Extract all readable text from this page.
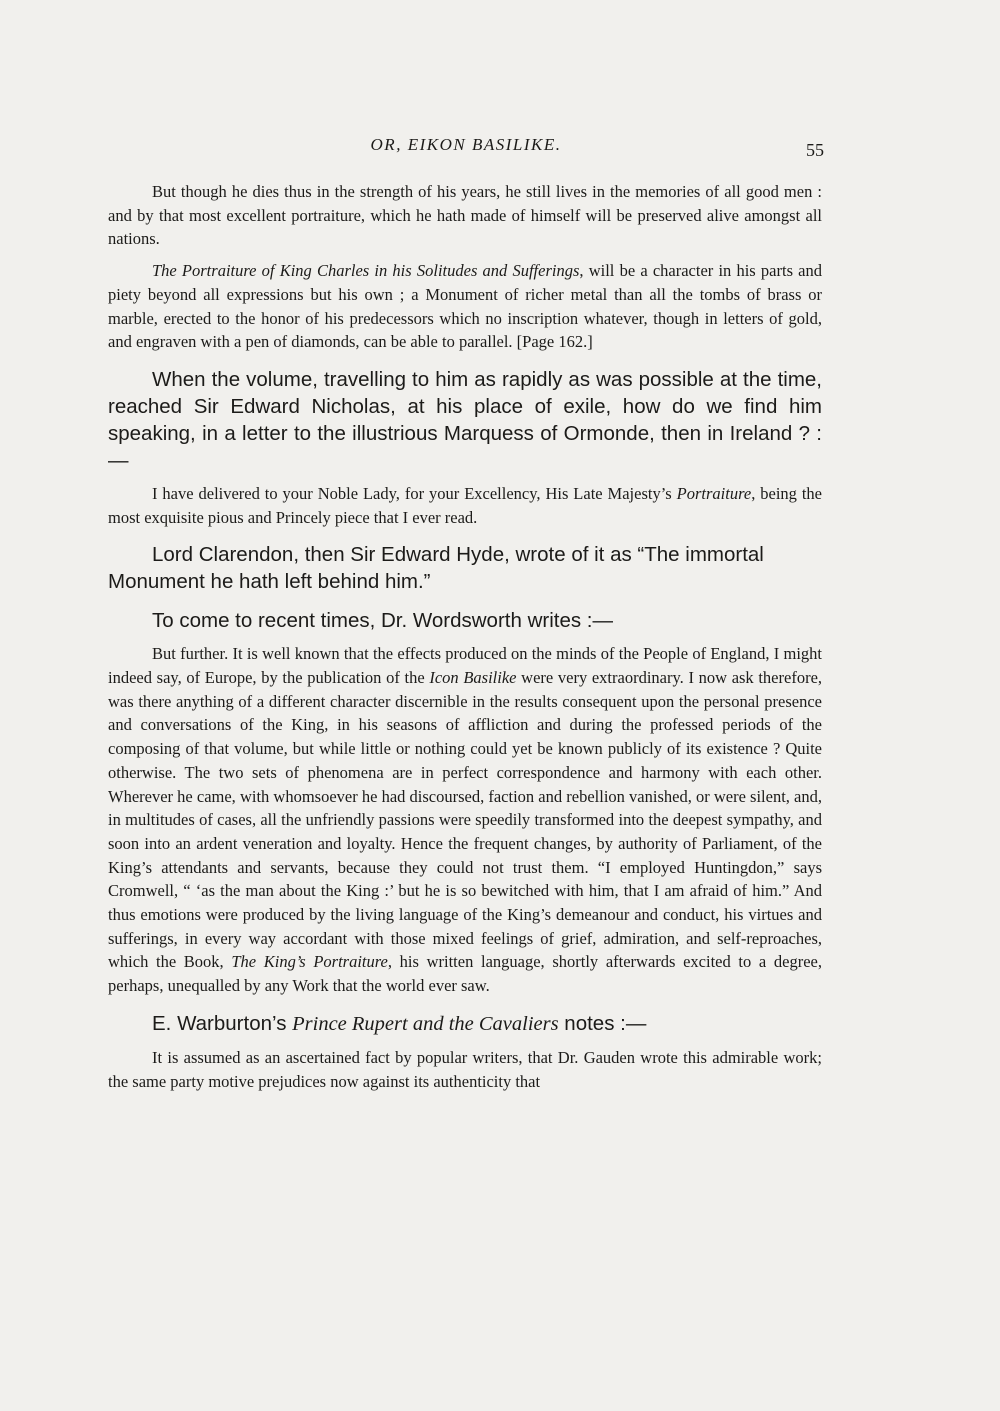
OR, EIKON BASILIKE.	55

But though he dies thus in the strength of his years, he still lives in the memories of all good men : and by that most excellent portraiture, which he hath made of himself will be preserved alive amongst all nations.

The Portraiture of King Charles in his Solitudes and Sufferings, will be a character in his parts and piety beyond all expressions but his own ; a Monument of richer metal than all the tombs of brass or marble, erected to the honor of his predecessors which no inscription whatever, though in letters of gold, and engraven with a pen of diamonds, can be able to parallel. [Page 162.]

When the volume, travelling to him as rapidly as was possible at the time, reached Sir Edward Nicholas, at his place of exile, how do we find him speaking, in a letter to the illustrious Marquess of Ormonde, then in Ireland ? :—

I have delivered to your Noble Lady, for your Excellency, His Late Majesty’s Portraiture, being the most exquisite pious and Princely piece that I ever read.

Lord Clarendon, then Sir Edward Hyde, wrote of it as “The immortal Monument he hath left behind him.”

To come to recent times, Dr. Wordsworth writes :—

But further. It is well known that the effects produced on the minds of the People of England, I might indeed say, of Europe, by the publication of the Icon Basilike were very extraordinary. I now ask therefore, was there anything of a different character discernible in the results consequent upon the personal presence and conversations of the King, in his seasons of affliction and during the professed periods of the composing of that volume, but while little or nothing could yet be known publicly of its existence ? Quite otherwise. The two sets of phenomena are in perfect correspondence and harmony with each other. Wherever he came, with whomsoever he had discoursed, faction and rebellion vanished, or were silent, and, in multitudes of cases, all the unfriendly passions were speedily transformed into the deepest sympathy, and soon into an ardent veneration and loyalty. Hence the frequent changes, by authority of Parliament, of the King’s attendants and servants, because they could not trust them. “I employed Huntingdon,” says Cromwell, “ ‘as the man about the King :’ but he is so bewitched with him, that I am afraid of him.” And thus emotions were produced by the living language of the King’s demeanour and conduct, his virtues and sufferings, in every way accordant with those mixed feelings of grief, admiration, and self-reproaches, which the Book, The King’s Portraiture, his written language, shortly afterwards excited to a degree, perhaps, unequalled by any Work that the world ever saw.

E. Warburton’s Prince Rupert and the Cavaliers notes :—

It is assumed as an ascertained fact by popular writers, that Dr. Gauden wrote this admirable work; the same party motive prejudices now against its authenticity that
